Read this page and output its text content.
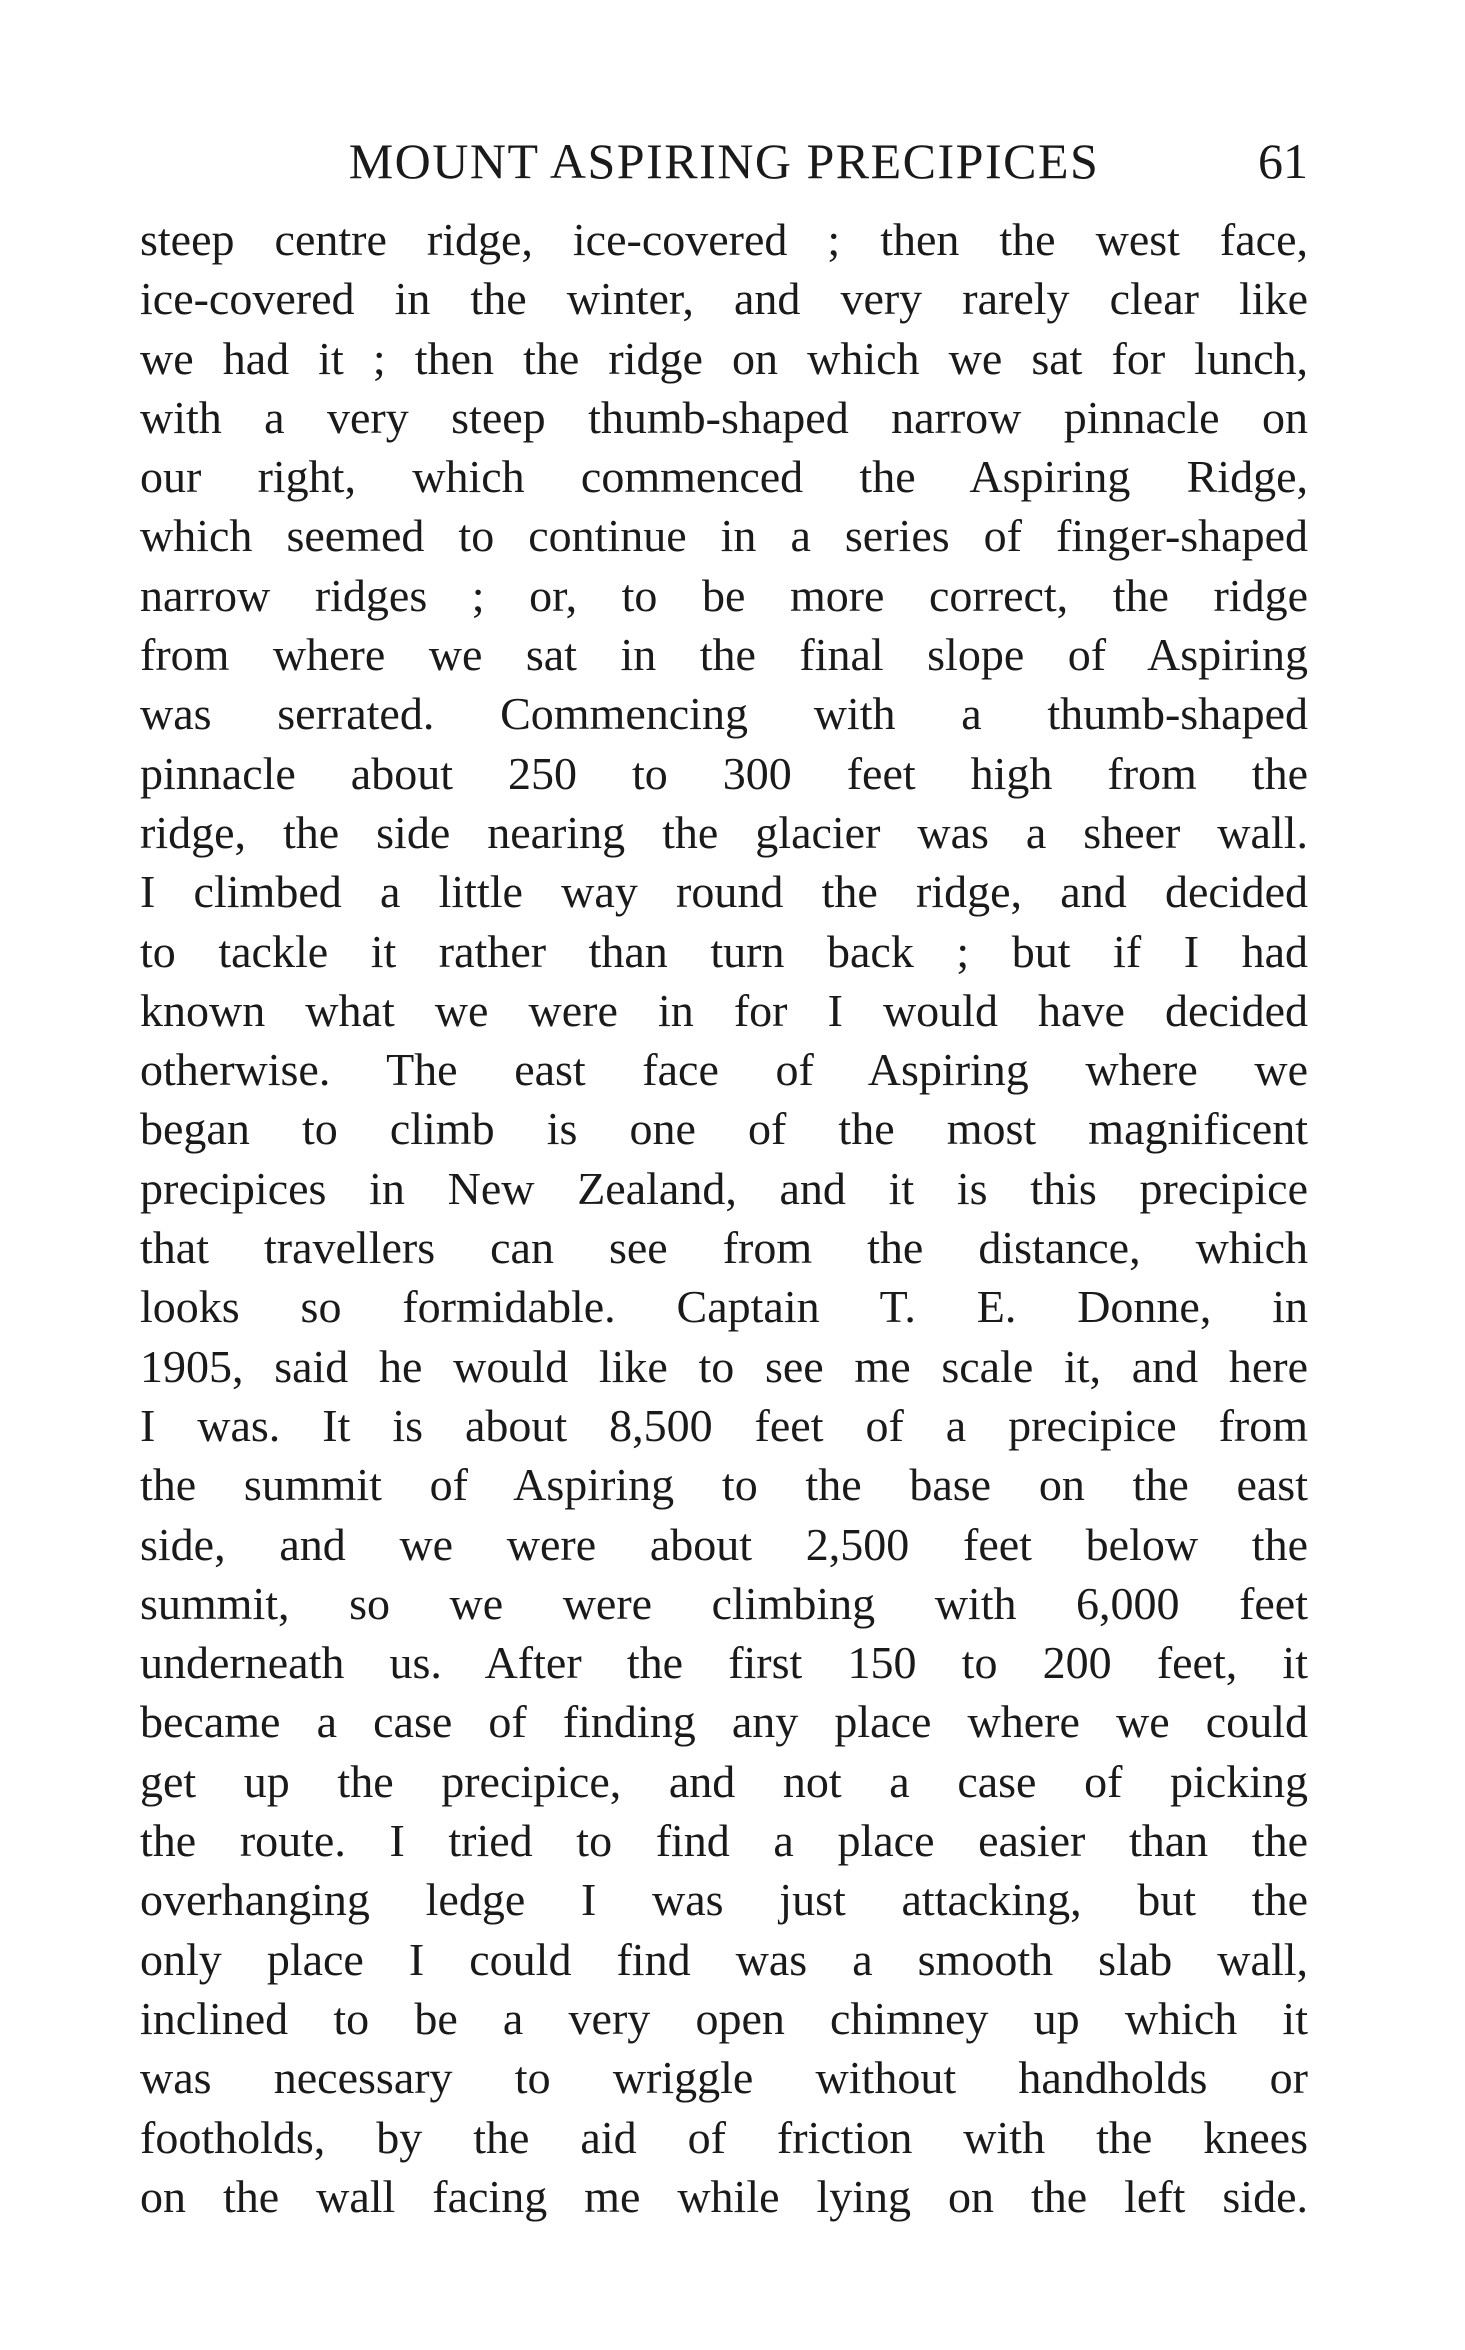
MOUNT ASPIRING PRECIPICES	61
steep centre ridge, ice-covered ; then the west face,
ice-covered in the winter, and very rarely clear like
we had it ; then the ridge on which we sat for lunch,
with a very steep thumb-shaped narrow pinnacle on
our right, which commenced the Aspiring Ridge,
which seemed to continue in a series of finger-shaped
narrow ridges ; or, to be more correct, the ridge
from where we sat in the final slope of Aspiring
was serrated. Commencing with a thumb-shaped
pinnacle about 250 to 300 feet high from the
ridge, the side nearing the glacier was a sheer wall.
I climbed a little way round the ridge, and decided
to tackle it rather than turn back ; but if I had
known what we were in for I would have decided
otherwise. The east face of Aspiring where we
began to climb is one of the most magnificent
precipices in New Zealand, and it is this precipice
that travellers can see from the distance, which
looks so formidable. Captain T. E. Donne, in
1905, said he would like to see me scale it, and here
I was. It is about 8,500 feet of a precipice from
the summit of Aspiring to the base on the east
side, and we were about 2,500 feet below the
summit, so we were climbing with 6,000 feet
underneath us. After the first 150 to 200 feet, it
became a case of finding any place where we could
get up the precipice, and not a case of picking
the route. I tried to find a place easier than the
overhanging ledge I was just attacking, but the
only place I could find was a smooth slab wall,
inclined to be a very open chimney up which it
was necessary to wriggle without handholds or
footholds, by the aid of friction with the knees
on the wall facing me while lying on the left side.
